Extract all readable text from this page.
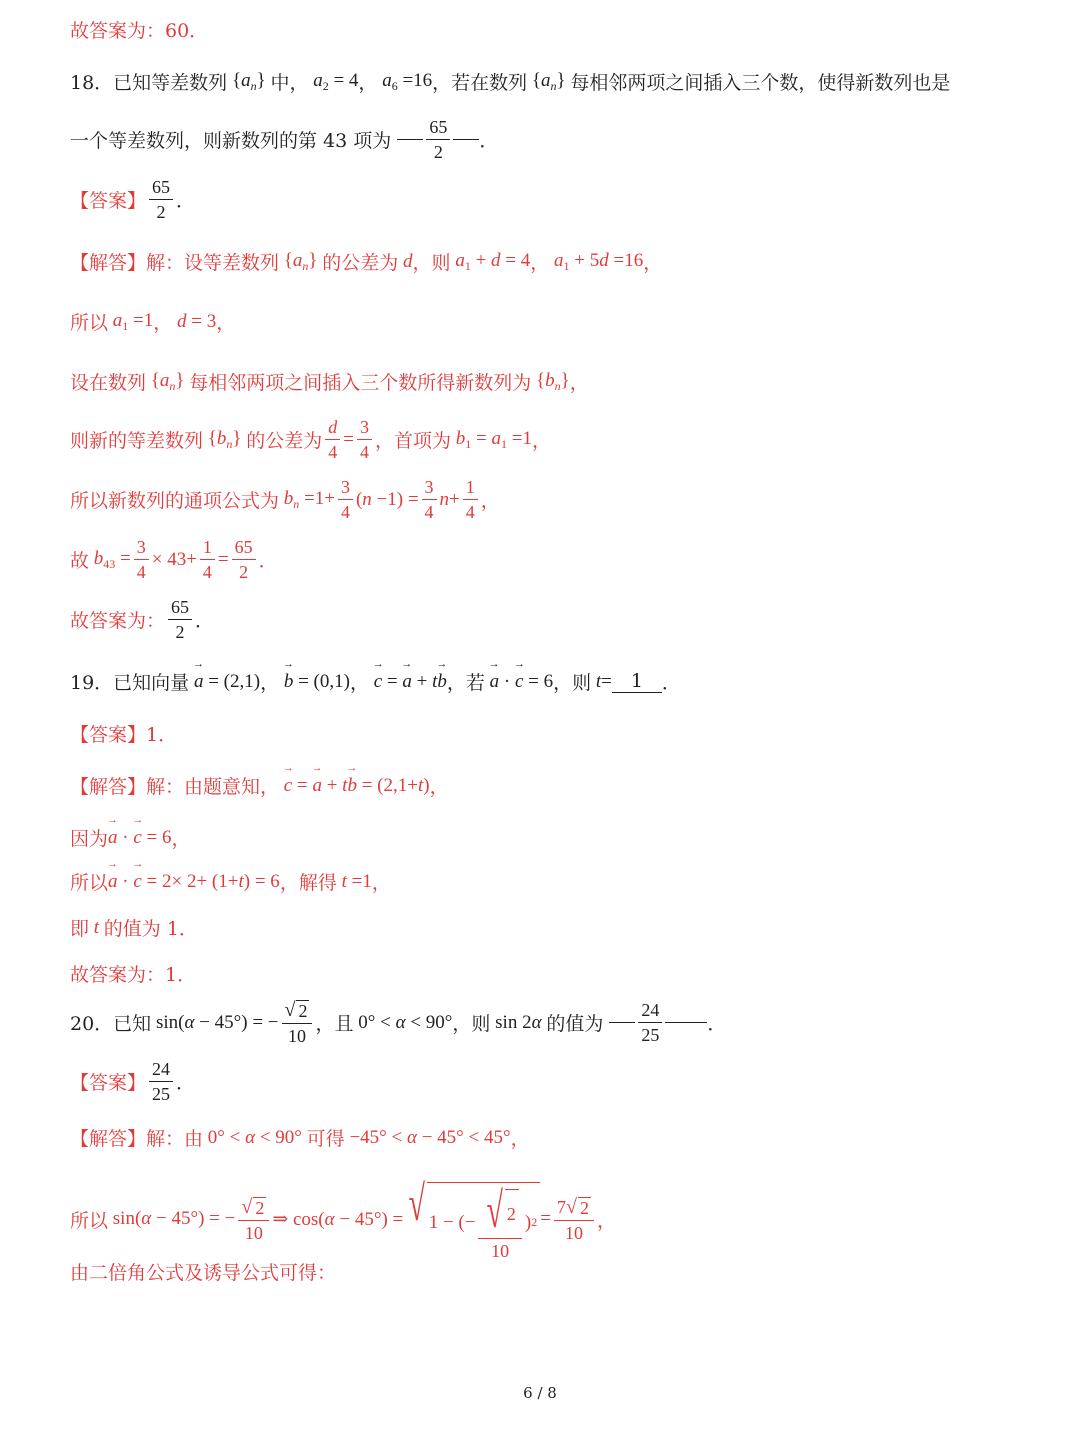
故答案为：60．
18．已知等差数列 $\{a_n\}$ 中， $a_2 = 4$ ， $a_6 =16$ ，若在数列 $\{a_n\}$ 每相邻两项之间插入三个数，使得新数列也是
一个等差数列，则新数列的第 43 项为
$\frac{65}{2}$ ．
【答案】 $\frac{65}{2}$ ．
【解答】 解：设等差数列 $\{a_n\}$ 的公差为 d ，则 $a_1 + d = 4$ ， $a_1 + 5d =16$ ，
所以 $a_1 =1$ ， d = 3 ，
设在数列 $\{a_n\}$ 每相邻两项之间插入三个数所得新数列为 $\{b_n\}$ ，
则新的等差数列 $\{b_n\}$ 的公差为 $\frac{d}{4} = \frac{3}{4}$ ，首项为 $b_1 = a_1 =1$ ，
所以新数列的通项公式为 $b_n =1+ \frac{3}{4} (n -1) = \frac{3}{4}$ $n + \frac{1}{4}$ ，
故 $b_{43} = \frac{3}{4} \times 43+ \frac{1}{4} = \frac{65}{2}$ ．
故答案为： $\frac{65}{2}$ ．
19．已知向量 → a = (2,1) ， → b = (0,1) ， → c = → a + t→ b ，若 → a · → c = 6 ，则 t = 1 ．
【答案】 1．
【解答】 解：由题意知， → c = → a + t→ b = (2,1+t) ，
因为 → a · → c = 6 ，
所以 → a · → c = 2× 2+ (1+t) = 6 ，解得 t =1 ，
即 t 的值为 1．
故答案为：1．
20．已知 sin(α − 45°) = − $\frac{√ 2}{10}$ ，且 0° < α < 90° ，则 sin 2α 的值为
$\frac{24}{25}$ ．
【答案】 $\frac{24}{25}$ ．
【解答】 解：由 0° < α < 90° 可得 −45° < α − 45° < 45° ，
所以 sin(α − 45°) = − $\frac{√ 2}{10}$ ⇒ cos(α − 45°) = √ 1 − (− $\frac{√ 2}{10}$ ) $2 = \frac{7 √ 2}{10}$ ，
由二倍角公式及诱导公式可得：
6 / 8
